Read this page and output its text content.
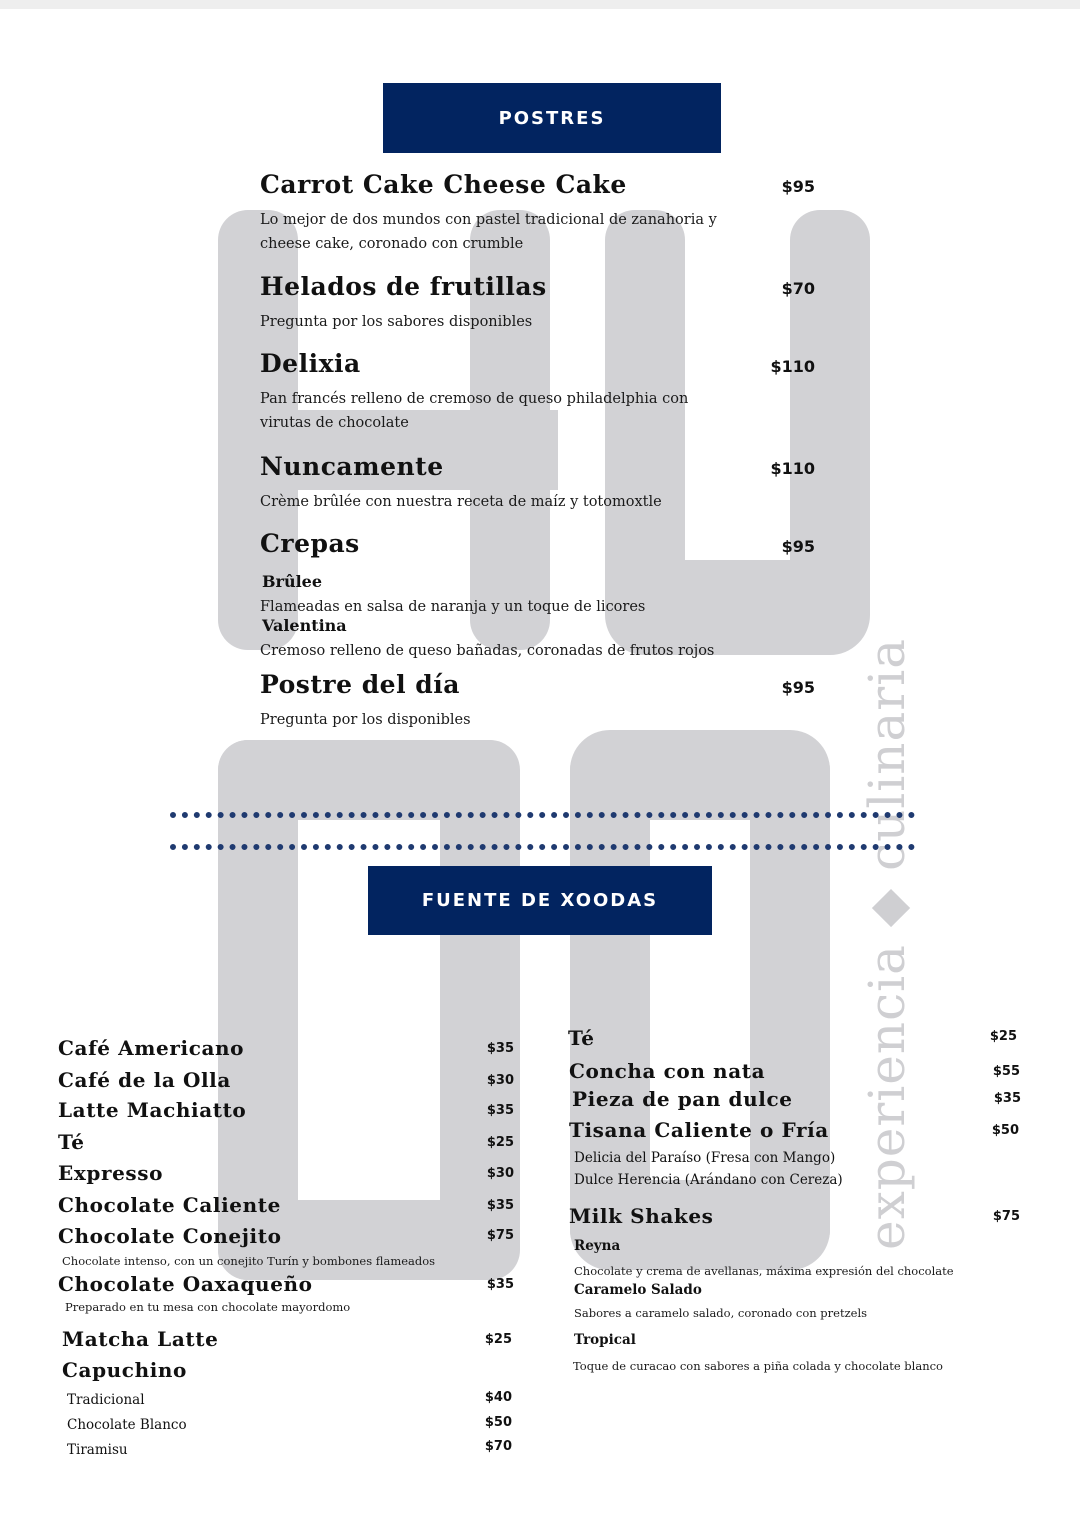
experiencia ◆ culinaria
POSTRES
Carrot Cake Cheese Cake	$95
Lo mejor de dos mundos con pastel tradicional de zanahoria y cheese cake, coronado con crumble
Helados de frutillas	$70
Pregunta por los sabores disponibles
Delixia	$110
Pan francés relleno de cremoso de queso philadelphia con virutas de chocolate
Nuncamente	$110
Crème brûlée con nuestra receta de maíz y totomoxtle
Crepas	$95
Brûlee
Flameadas en salsa de naranja y un toque de licores
Valentina
Cremoso relleno de queso bañadas, coronadas de frutos rojos
Postre del día	$95
Pregunta por los disponibles
FUENTE DE XOODAS
Café Americano	$35
Café de la Olla	$30
Latte Machiatto	$35
Té	$25
Expresso	$30
Chocolate Caliente	$35
Chocolate Conejito	$75
Chocolate intenso, con un conejito Turín y bombones flameados
Chocolate Oaxaqueño	$35
Preparado en tu mesa con chocolate mayordomo
Matcha Latte	$25
Capuchino
Tradicional	$40
Chocolate Blanco	$50
Tiramisu	$70
Té	$25
Concha con nata	$55
Pieza de pan dulce	$35
Tisana Caliente o Fría	$50
Delicia del Paraíso (Fresa con Mango)
Dulce Herencia (Arándano con Cereza)
Milk Shakes	$75
Reyna
Chocolate y crema de avellanas, máxima expresión del chocolate
Caramelo Salado
Sabores a caramelo salado, coronado con pretzels
Tropical
Toque de curacao con sabores a piña colada y chocolate blanco
